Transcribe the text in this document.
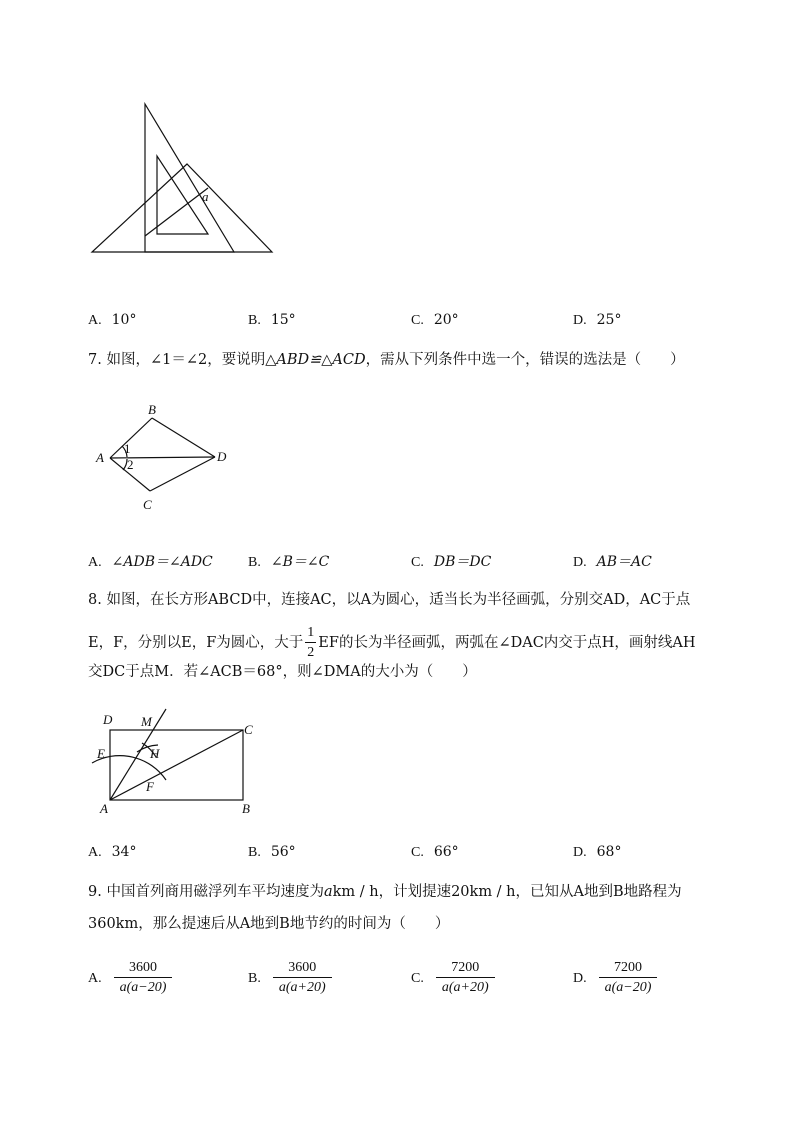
a
A. 10°	B. 15°	C. 20°	D. 25°
7. 如图，∠1＝∠2，要说明△ABD≌△ACD，需从下列条件中选一个，错误的选法是（　　）
B
A	D
C
1
2
A. ∠ADB＝∠ADC	B. ∠B＝∠C	C. DB＝DC	D. AB＝AC
8. 如图，在长方形ABCD中，连接AC，以A为圆心，适当长为半径画弧，分别交AD，AC于点
E，F，分别以E，F为圆心，大于 $\frac{1}{2}$ EF的长为半径画弧，两弧在∠DAC内交于点H，画射线AH
交DC于点M．若∠ACB＝68°，则∠DMA的大小为（　　）
D M
C
E	H
F
A	B
A. 34°	B. 56°	C. 66°	D. 68°
9. 中国首列商用磁浮列车平均速度为akm / h，计划提速20km / h，已知从A地到B地路程为
360km，那么提速后从A地到B地节约的时间为（　　）
A. $\frac{3600}{a(a-20)}$	B. $\frac{3600}{a(a+20)}$	C. $\frac{7200}{a(a+20)}$	D. $\frac{7200}{a(a-20)}$
